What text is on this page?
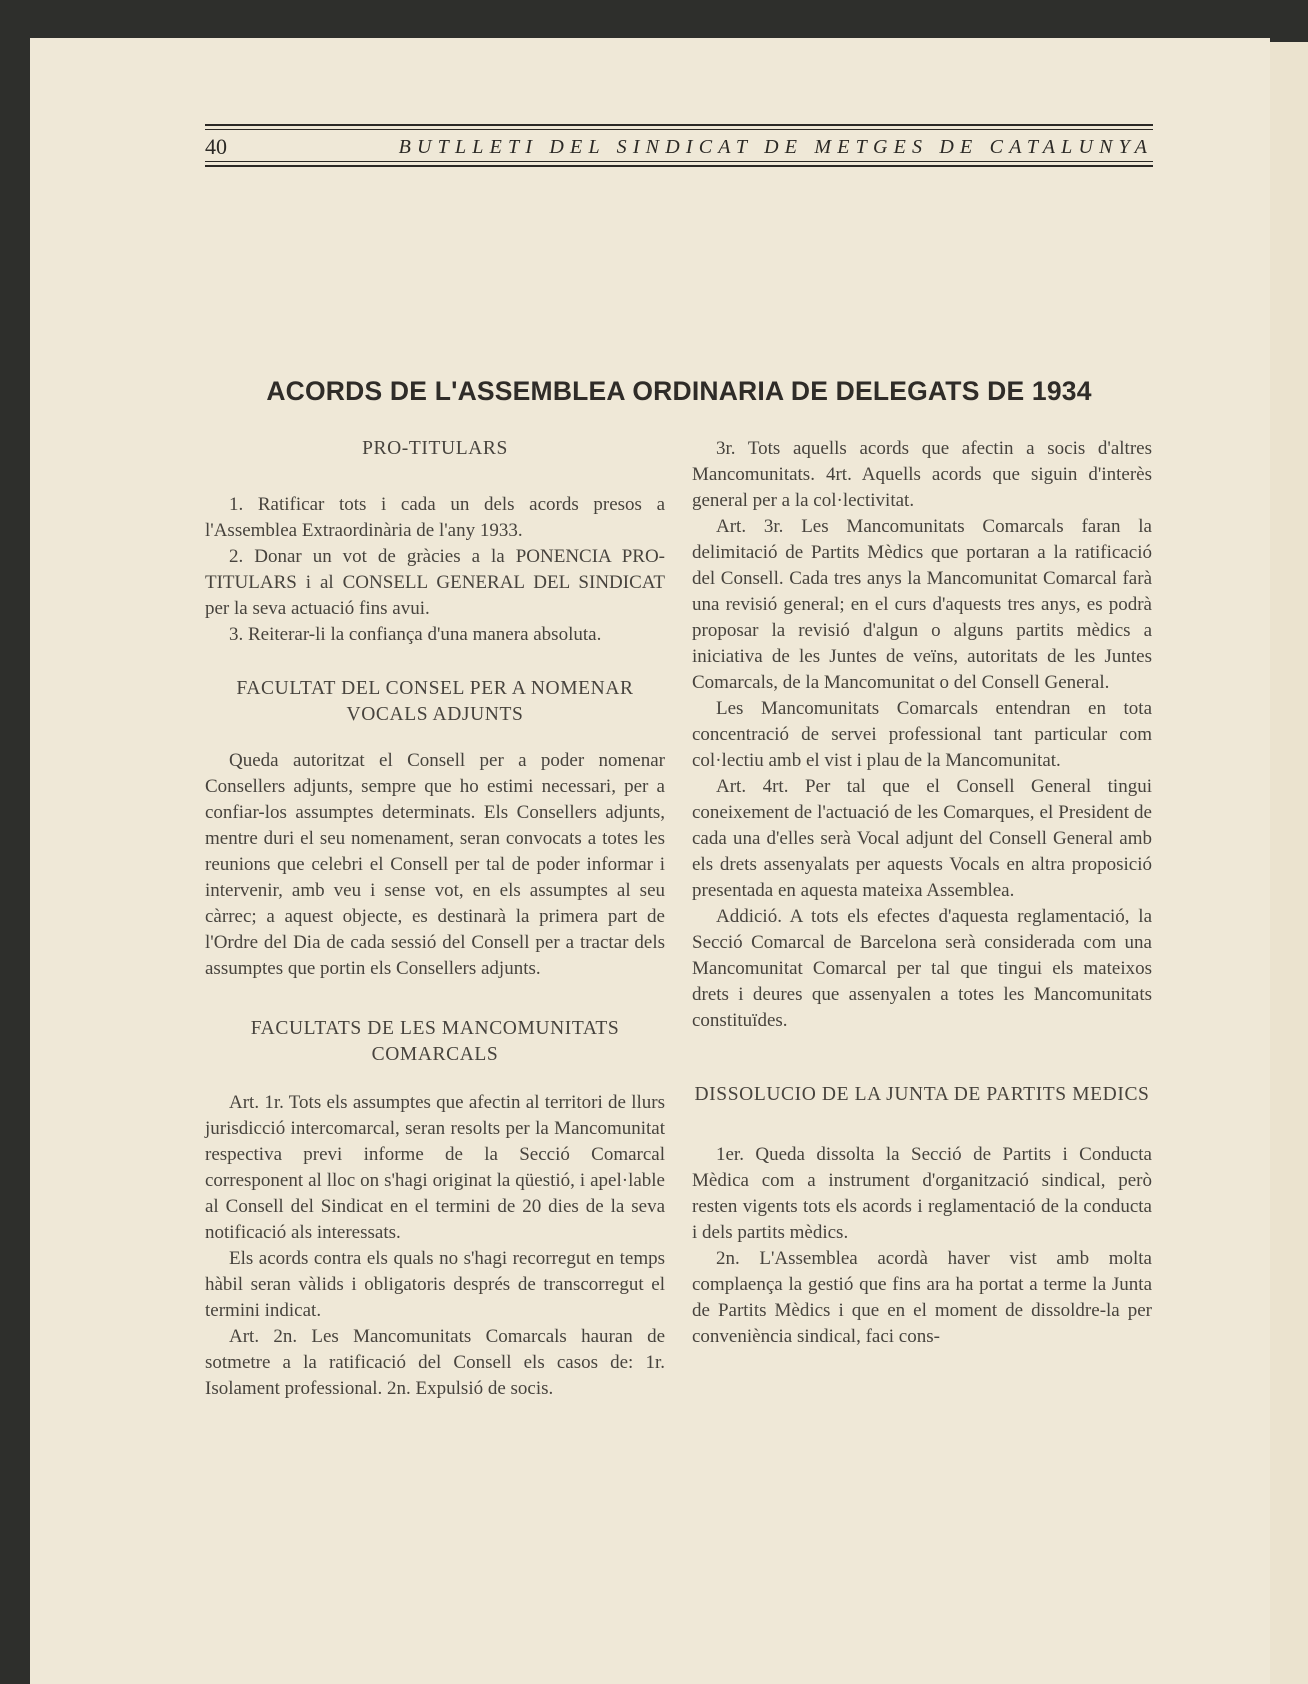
40	BUTLLETI DEL SINDICAT DE METGES DE CATALUNYA
ACORDS DE L'ASSEMBLEA ORDINARIA DE DELEGATS DE 1934
PRO-TITULARS

1. Ratificar tots i cada un dels acords presos a l'Assemblea Extraordinària de l'any 1933.

2. Donar un vot de gràcies a la PONENCIA PRO-TITULARS i al CONSELL GENERAL DEL SINDICAT per la seva actuació fins avui.

3. Reiterar-li la confiança d'una manera absoluta.

FACULTAT DEL CONSEL PER A NOMENAR VOCALS ADJUNTS

Queda autoritzat el Consell per a poder nomenar Consellers adjunts, sempre que ho estimi necessari, per a confiar-los assumptes determinats. Els Consellers adjunts, mentre duri el seu nomenament, seran convocats a totes les reunions que celebri el Consell per tal de poder informar i intervenir, amb veu i sense vot, en els assumptes al seu càrrec; a aquest objecte, es destinarà la primera part de l'Ordre del Dia de cada sessió del Consell per a tractar dels assumptes que portin els Consellers adjunts.

FACULTATS DE LES MANCOMUNITATS COMARCALS

Art. 1r. Tots els assumptes que afectin al territori de llurs jurisdicció intercomarcal, seran resolts per la Mancomunitat respectiva previ informe de la Secció Comarcal corresponent al lloc on s'hagi originat la qüestió, i apel·lable al Consell del Sindicat en el termini de 20 dies de la seva notificació als interessats.

Els acords contra els quals no s'hagi recorregut en temps hàbil seran vàlids i obligatoris després de transcorregut el termini indicat.

Art. 2n. Les Mancomunitats Comarcals hauran de sotmetre a la ratificació del Consell els casos de: 1r. Isolament professional. 2n. Expulsió de socis.

3r. Tots aquells acords que afectin a socis d'altres Mancomunitats. 4rt. Aquells acords que siguin d'interès general per a la col·lectivitat.

Art. 3r. Les Mancomunitats Comarcals faran la delimitació de Partits Mèdics que portaran a la ratificació del Consell. Cada tres anys la Mancomunitat Comarcal farà una revisió general; en el curs d'aquests tres anys, es podrà proposar la revisió d'algun o alguns partits mèdics a iniciativa de les Juntes de veïns, autoritats de les Juntes Comarcals, de la Mancomunitat o del Consell General.

Les Mancomunitats Comarcals entendran en tota concentració de servei professional tant particular com col·lectiu amb el vist i plau de la Mancomunitat.

Art. 4rt. Per tal que el Consell General tingui coneixement de l'actuació de les Comarques, el President de cada una d'elles serà Vocal adjunt del Consell General amb els drets assenyalats per aquests Vocals en altra proposició presentada en aquesta mateixa Assemblea.

Addició. A tots els efectes d'aquesta reglamentació, la Secció Comarcal de Barcelona serà considerada com una Mancomunitat Comarcal per tal que tingui els mateixos drets i deures que assenyalen a totes les Mancomunitats constituïdes.

DISSOLUCIO DE LA JUNTA DE PARTITS MEDICS

1er. Queda dissolta la Secció de Partits i Conducta Mèdica com a instrument d'organització sindical, però resten vigents tots els acords i reglamentació de la conducta i dels partits mèdics.

2n. L'Assemblea acordà haver vist amb molta complaença la gestió que fins ara ha portat a terme la Junta de Partits Mèdics i que en el moment de dissoldre-la per conveniència sindical, faci cons-
